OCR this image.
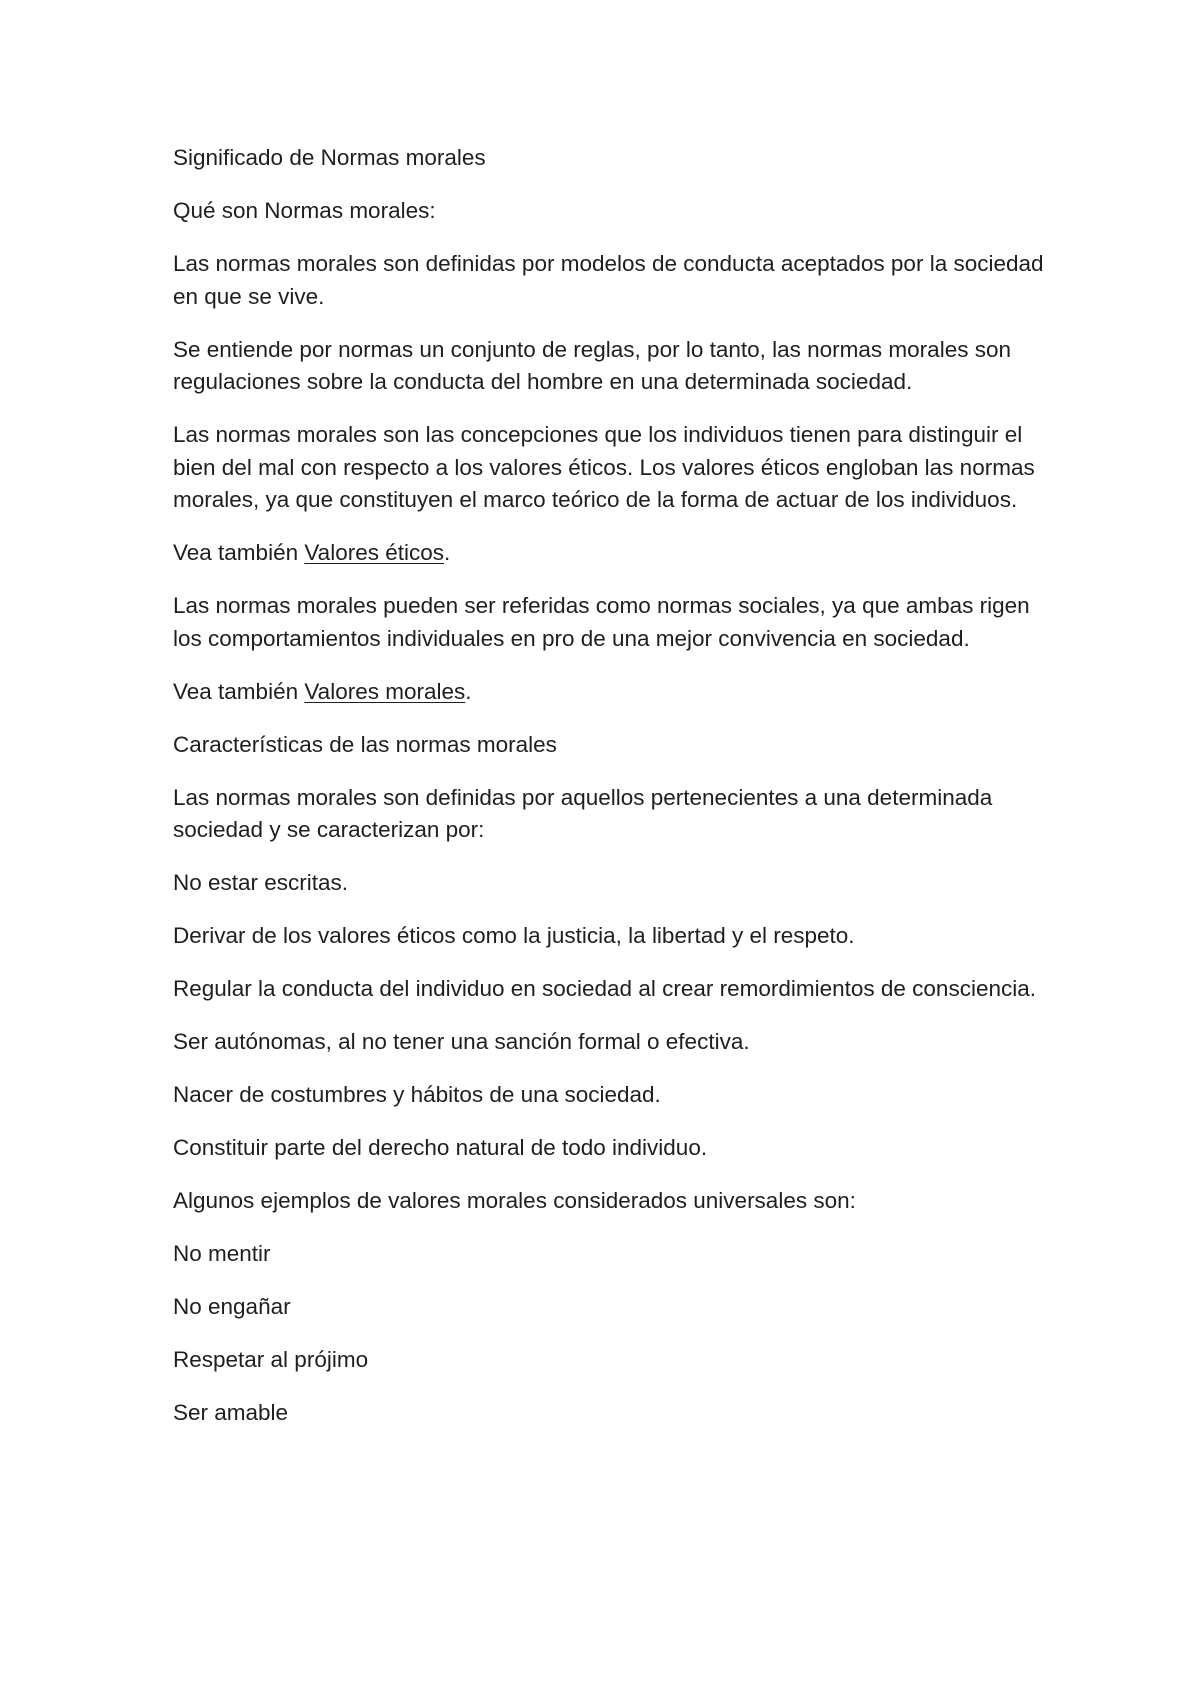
Significado de Normas morales

Qué son Normas morales:

Las normas morales son definidas por modelos de conducta aceptados por la sociedad en que se vive.

Se entiende por normas un conjunto de reglas, por lo tanto, las normas morales son regulaciones sobre la conducta del hombre en una determinada sociedad.

Las normas morales son las concepciones que los individuos tienen para distinguir el bien del mal con respecto a los valores éticos. Los valores éticos engloban las normas morales, ya que constituyen el marco teórico de la forma de actuar de los individuos.

Vea también Valores éticos.

Las normas morales pueden ser referidas como normas sociales, ya que ambas rigen los comportamientos individuales en pro de una mejor convivencia en sociedad.

Vea también Valores morales.

Características de las normas morales

Las normas morales son definidas por aquellos pertenecientes a una determinada sociedad y se caracterizan por:

No estar escritas.

Derivar de los valores éticos como la justicia, la libertad y el respeto.

Regular la conducta del individuo en sociedad al crear remordimientos de consciencia.

Ser autónomas, al no tener una sanción formal o efectiva.

Nacer de costumbres y hábitos de una sociedad.

Constituir parte del derecho natural de todo individuo.

Algunos ejemplos de valores morales considerados universales son:

No mentir

No engañar

Respetar al prójimo

Ser amable
